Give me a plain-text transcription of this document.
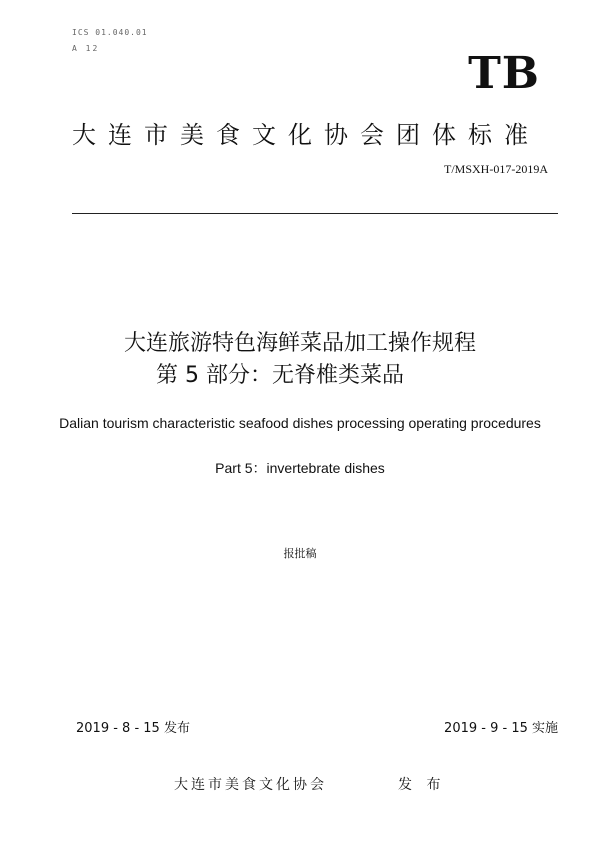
ICS 01.040.01
A 12	TB
大连市美食文化协会团体标准
T/MSXH-017-2019A
大连旅游特色海鲜菜品加工操作规程
第 5 部分：无脊椎类菜品
Dalian tourism characteristic seafood dishes processing operating procedures
Part 5：invertebrate dishes
报批稿
2019 - 8 - 15 发布	2019 - 9 - 15 实施
大连市美食文化协会	发 布
